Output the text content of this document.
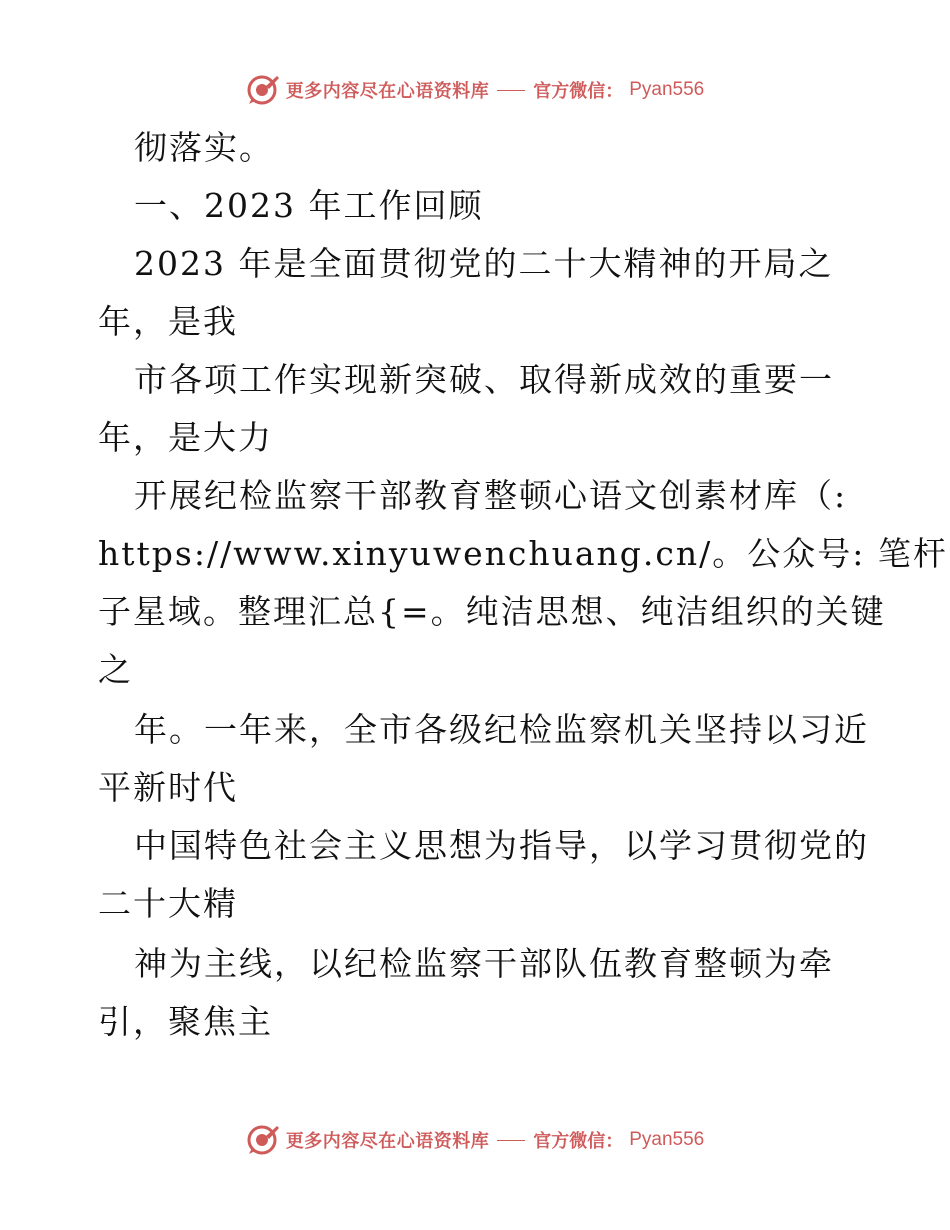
更多内容尽在心语资料库 官方微信： Pyan556
彻落实。
一、2023 年工作回顾
2023 年是全面贯彻党的二十大精神的开局之
年，是我
市各项工作实现新突破、取得新成效的重要一
年，是大力
开展纪检监察干部教育整顿心语文创素材库（:
https://www.xinyuwenchuang.cn/。公众号: 笔杆
子星域。整理汇总{=。纯洁思想、纯洁组织的关键
之
年。一年来，全市各级纪检监察机关坚持以习近
平新时代
中国特色社会主义思想为指导，以学习贯彻党的
二十大精
神为主线，以纪检监察干部队伍教育整顿为牵
引，聚焦主
更多内容尽在心语资料库 官方微信： Pyan556
